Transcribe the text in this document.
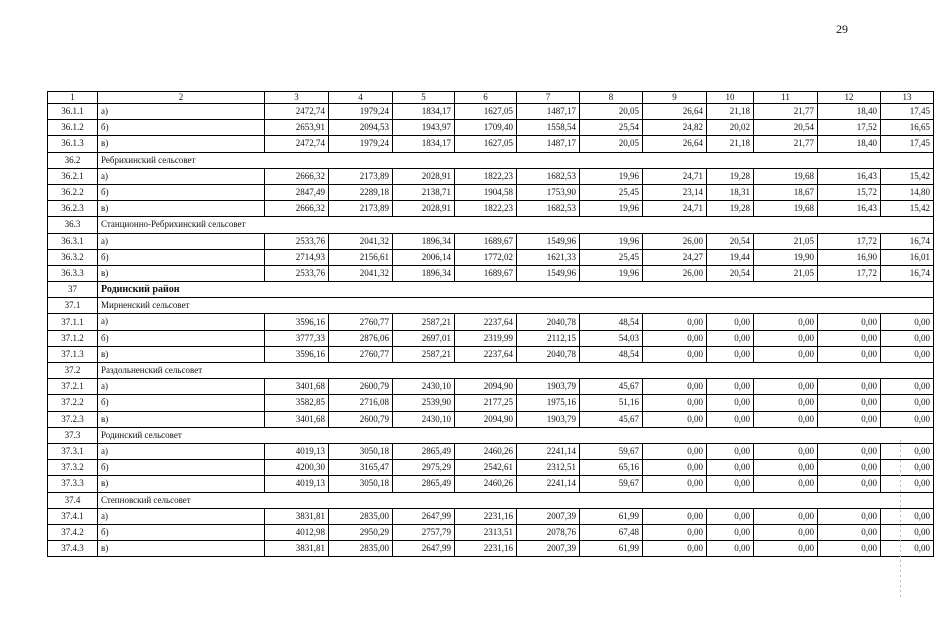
29
1	2	3	4	5	6	7	8	9	10	11	12	13
36.1.1	а)	2472,74	1979,24	1834,17	1627,05	1487,17	20,05	26,64	21,18	21,77	18,40	17,45
36.1.2	б)	2653,91	2094,53	1943,97	1709,40	1558,54	25,54	24,82	20,02	20,54	17,52	16,65
36.1.3	в)	2472,74	1979,24	1834,17	1627,05	1487,17	20,05	26,64	21,18	21,77	18,40	17,45
36.2	Ребрихинский сельсовет											
36.2.1	а)	2666,32	2173,89	2028,91	1822,23	1682,53	19,96	24,71	19,28	19,68	16,43	15,42
36.2.2	б)	2847,49	2289,18	2138,71	1904,58	1753,90	25,45	23,14	18,31	18,67	15,72	14,80
36.2.3	в)	2666,32	2173,89	2028,91	1822,23	1682,53	19,96	24,71	19,28	19,68	16,43	15,42
36.3	Станционно-Ребрихинский сельсовет											
36.3.1	а)	2533,76	2041,32	1896,34	1689,67	1549,96	19,96	26,00	20,54	21,05	17,72	16,74
36.3.2	б)	2714,93	2156,61	2006,14	1772,02	1621,33	25,45	24,27	19,44	19,90	16,90	16,01
36.3.3	в)	2533,76	2041,32	1896,34	1689,67	1549,96	19,96	26,00	20,54	21,05	17,72	16,74
37	Родинский район											
37.1	Мирненский сельсовет											
37.1.1	а)	3596,16	2760,77	2587,21	2237,64	2040,78	48,54	0,00	0,00	0,00	0,00	0,00
37.1.2	б)	3777,33	2876,06	2697,01	2319,99	2112,15	54,03	0,00	0,00	0,00	0,00	0,00
37.1.3	в)	3596,16	2760,77	2587,21	2237,64	2040,78	48,54	0,00	0,00	0,00	0,00	0,00
37.2	Раздольненский сельсовет											
37.2.1	а)	3401,68	2600,79	2430,10	2094,90	1903,79	45,67	0,00	0,00	0,00	0,00	0,00
37.2.2	б)	3582,85	2716,08	2539,90	2177,25	1975,16	51,16	0,00	0,00	0,00	0,00	0,00
37.2.3	в)	3401,68	2600,79	2430,10	2094,90	1903,79	45,67	0,00	0,00	0,00	0,00	0,00
37.3	Родинский сельсовет											
37.3.1	а)	4019,13	3050,18	2865,49	2460,26	2241,14	59,67	0,00	0,00	0,00	0,00	0,00
37.3.2	б)	4200,30	3165,47	2975,29	2542,61	2312,51	65,16	0,00	0,00	0,00	0,00	0,00
37.3.3	в)	4019,13	3050,18	2865,49	2460,26	2241,14	59,67	0,00	0,00	0,00	0,00	0,00
37.4	Степновский сельсовет											
37.4.1	а)	3831,81	2835,00	2647,99	2231,16	2007,39	61,99	0,00	0,00	0,00	0,00	0,00
37.4.2	б)	4012,98	2950,29	2757,79	2313,51	2078,76	67,48	0,00	0,00	0,00	0,00	0,00
37.4.3	в)	3831,81	2835,00	2647,99	2231,16	2007,39	61,99	0,00	0,00	0,00	0,00	0,00
